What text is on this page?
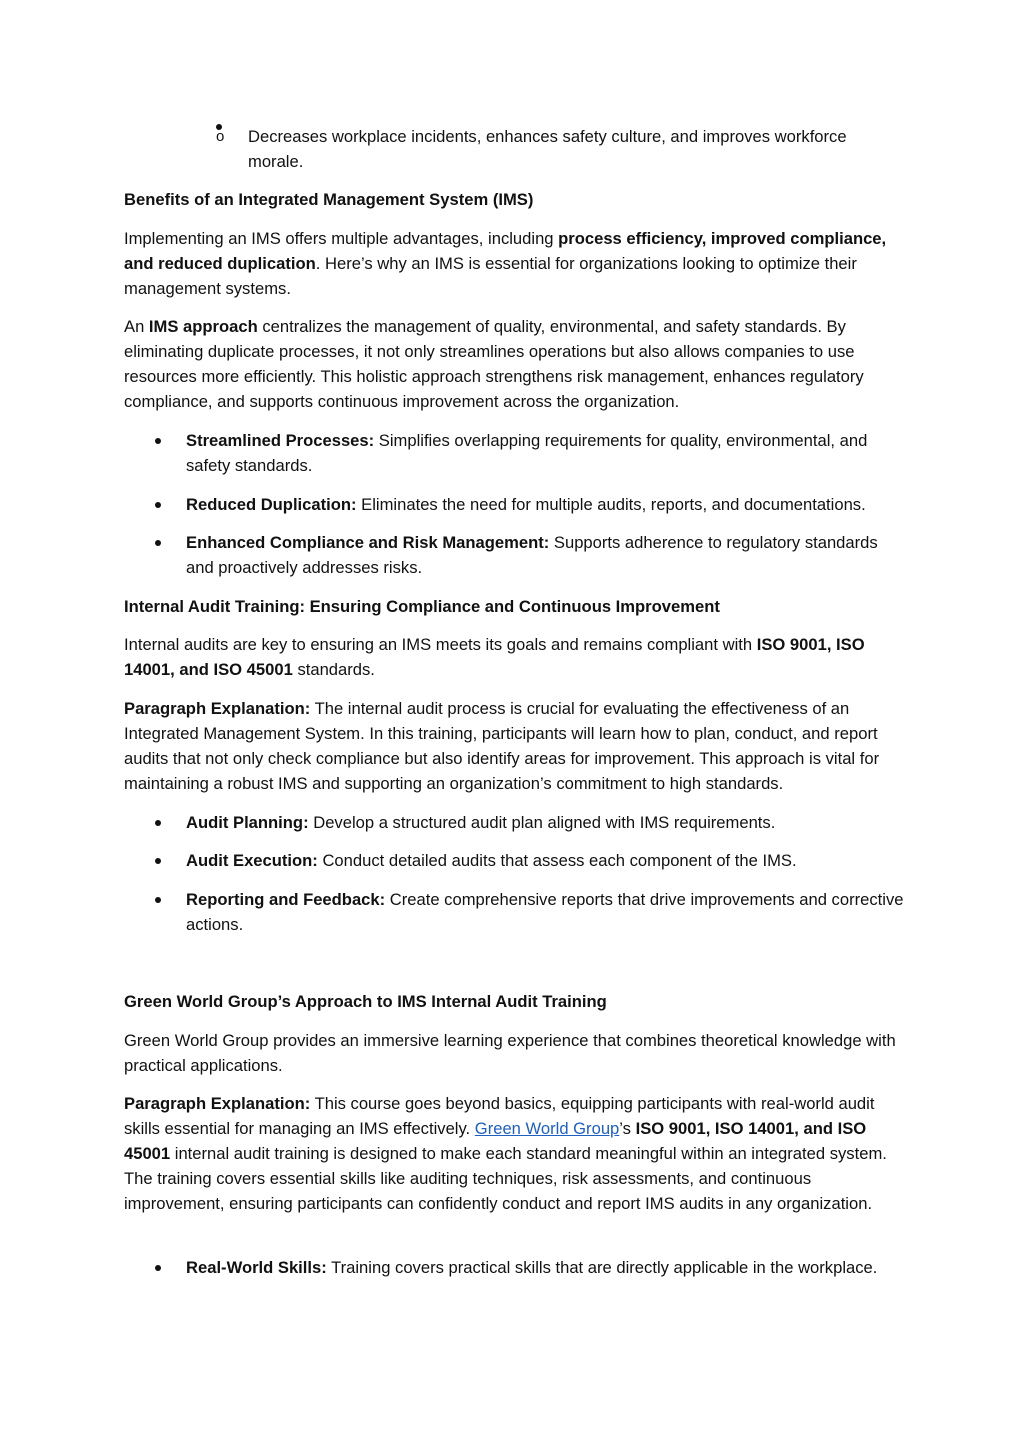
o Decreases workplace incidents, enhances safety culture, and improves workforce morale.

Benefits of an Integrated Management System (IMS)

Implementing an IMS offers multiple advantages, including process efficiency, improved compliance, and reduced duplication. Here’s why an IMS is essential for organizations looking to optimize their management systems.

An IMS approach centralizes the management of quality, environmental, and safety standards. By eliminating duplicate processes, it not only streamlines operations but also allows companies to use resources more efficiently. This holistic approach strengthens risk management, enhances regulatory compliance, and supports continuous improvement across the organization.

Streamlined Processes: Simplifies overlapping requirements for quality, environmental, and safety standards.
Reduced Duplication: Eliminates the need for multiple audits, reports, and documentations.
Enhanced Compliance and Risk Management: Supports adherence to regulatory standards and proactively addresses risks.

Internal Audit Training: Ensuring Compliance and Continuous Improvement

Internal audits are key to ensuring an IMS meets its goals and remains compliant with ISO 9001, ISO 14001, and ISO 45001 standards.

Paragraph Explanation: The internal audit process is crucial for evaluating the effectiveness of an Integrated Management System. In this training, participants will learn how to plan, conduct, and report audits that not only check compliance but also identify areas for improvement. This approach is vital for maintaining a robust IMS and supporting an organization’s commitment to high standards.

Audit Planning: Develop a structured audit plan aligned with IMS requirements.
Audit Execution: Conduct detailed audits that assess each component of the IMS.
Reporting and Feedback: Create comprehensive reports that drive improvements and corrective actions.

Green World Group’s Approach to IMS Internal Audit Training

Green World Group provides an immersive learning experience that combines theoretical knowledge with practical applications.

Paragraph Explanation: This course goes beyond basics, equipping participants with real-world audit skills essential for managing an IMS effectively. Green World Group’s ISO 9001, ISO 14001, and ISO 45001 internal audit training is designed to make each standard meaningful within an integrated system. The training covers essential skills like auditing techniques, risk assessments, and continuous improvement, ensuring participants can confidently conduct and report IMS audits in any organization.

Real-World Skills: Training covers practical skills that are directly applicable in the workplace.
